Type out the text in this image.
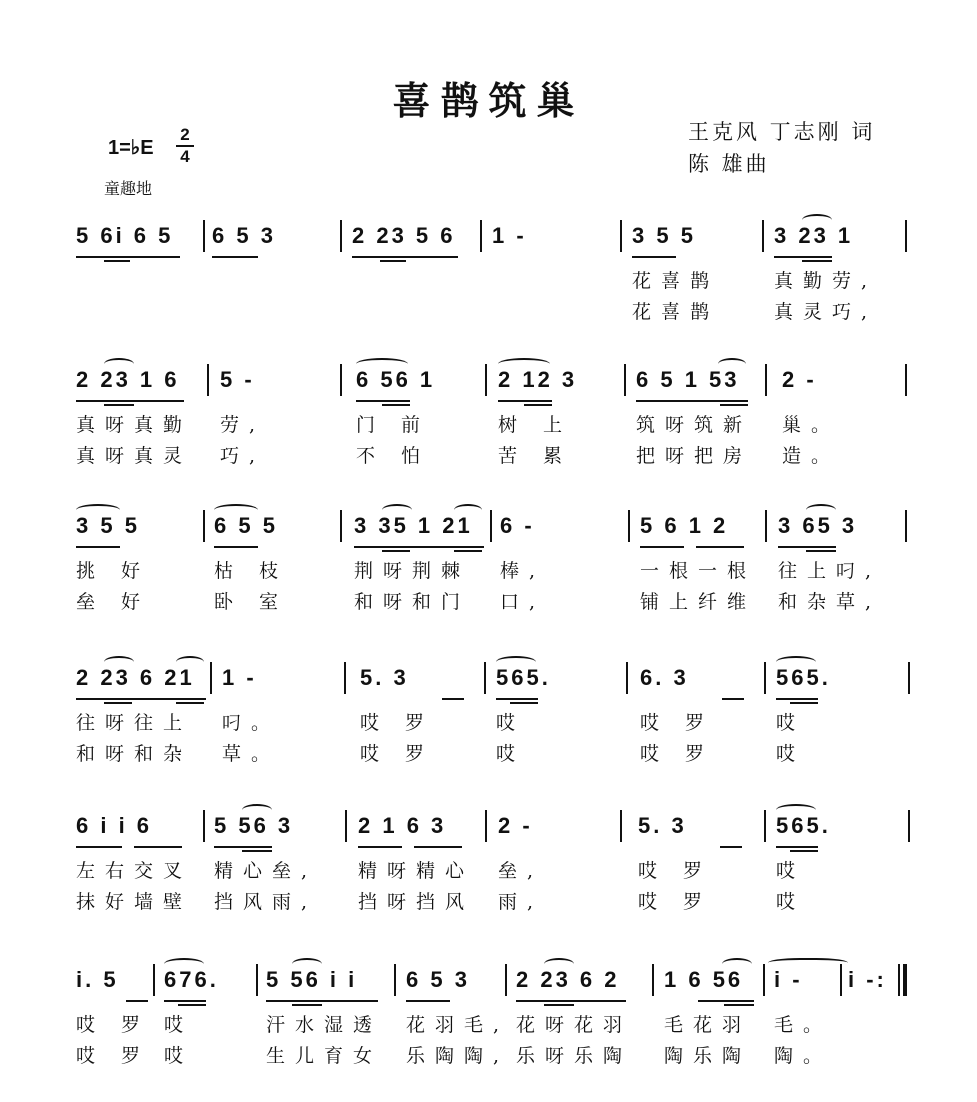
喜鹊筑巢
王克风 丁志刚 词
陈 雄曲
1=♭E
2
4
童趣地
5 6i 6 5 6 5 3	2 23 5 6 1 -	3 5 5
花喜鹊
花喜鹊
3 23 1
真勤劳,
真灵巧,
2 23 1 6
真呀真勤
真呀真灵
5 -
劳,
巧,
6 56 1
门 前
不 怕
2 12 3
树 上
苦 累
6 5 1 53
筑呀筑新
把呀把房
2 -
巢。
造。
3 5 5
挑 好
垒 好
6 5 5
枯 枝
卧 室
3 35 1 21
荆呀荆棘
和呀和门
6 -
棒,
口,
5 6 1 2
一根一根
铺上纤维
3 65 3
往上叼,
和杂草,
2 23 6 21
往呀往上
和呀和杂
1 -
叼。
草。
5. 3
哎 罗
哎 罗
565.
哎
哎
6. 3
哎 罗
哎 罗
565.
哎
哎
6 i i 6
左右交叉
抹好墙壁
5 56 3
精心垒,
挡风雨,
2 1 6 3
精呀精心
挡呀挡风
2 -
垒,
雨,
5. 3
哎 罗
哎 罗
565.
哎
哎
i. 5
哎 罗
哎 罗
676.
哎
哎
5 56 i i
汗水湿透
生儿育女
6 5 3
花羽毛,
乐陶陶,
2 23 6 2
花呀花羽
乐呀乐陶
1 6 56
毛花羽
陶乐陶
i -
毛。
陶。
i -:
